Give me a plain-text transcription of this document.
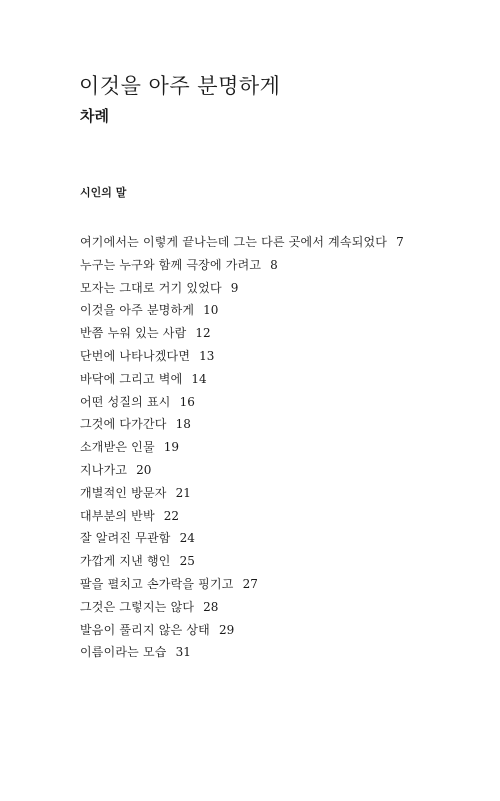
이것을 아주 분명하게
차례
시인의 말
여기에서는 이렇게 끝나는데 그는 다른 곳에서 계속되었다 7
누구는 누구와 함께 극장에 가려고 8
모자는 그대로 거기 있었다 9
이것을 아주 분명하게 10
반쯤 누워 있는 사람 12
단번에 나타나겠다면 13
바닥에 그리고 벽에 14
어떤 성질의 표시 16
그것에 다가간다 18
소개받은 인물 19
지나가고 20
개별적인 방문자 21
대부분의 반박 22
잘 알려진 무관함 24
가깝게 지낸 행인 25
팔을 펼치고 손가락을 핑기고 27
그것은 그렇지는 않다 28
발음이 풀리지 않은 상태 29
이름이라는 모습 31
